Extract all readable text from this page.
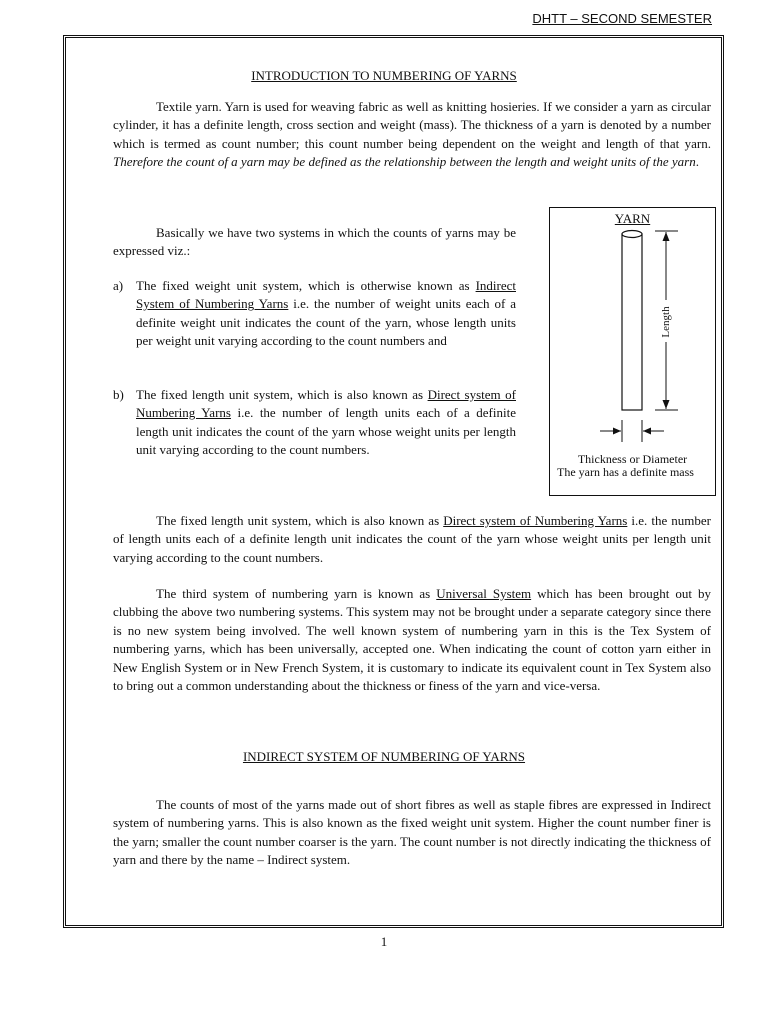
DHTT – SECOND SEMESTER
INTRODUCTION TO NUMBERING OF YARNS

Textile yarn. Yarn is used for weaving fabric as well as knitting hosieries. If we consider a yarn as circular cylinder, it has a definite length, cross section and weight (mass). The thickness of a yarn is denoted by a number which is termed as count number; this count number being dependent on the weight and length of that yarn. Therefore the count of a yarn may be defined as the relationship between the length and weight units of the yarn.

Basically we have two systems in which the counts of yarns may be expressed viz.:

a) The fixed weight unit system, which is otherwise known as Indirect System of Numbering Yarns i.e. the number of weight units each of a definite weight unit indicates the count of the yarn, whose length units per weight unit varying according to the count numbers and
b) The fixed length unit system, which is also known as Direct system of Numbering Yarns i.e. the number of length units each of a definite length unit indicates the count of the yarn whose weight units per length unit varying according to the count numbers.
YARN
Length
Thickness or Diameter
The yarn has a definite mass

The fixed length unit system, which is also known as Direct system of Numbering Yarns i.e. the number of length units each of a definite length unit indicates the count of the yarn whose weight units per length unit varying according to the count numbers.

The third system of numbering yarn is known as Universal System which has been brought out by clubbing the above two numbering systems. This system may not be brought under a separate category since there is no new system being involved. The well known system of numbering yarn in this is the Tex System of numbering yarns, which has been universally, accepted one. When indicating the count of cotton yarn either in New English System or in New French System, it is customary to indicate its equivalent count in Tex System also to bring out a common understanding about the thickness or finess of the yarn and vice-versa.

INDIRECT SYSTEM OF NUMBERING OF YARNS

The counts of most of the yarns made out of short fibres as well as staple fibres are expressed in Indirect system of numbering yarns. This is also known as the fixed weight unit system. Higher the count number finer is the yarn; smaller the count number coarser is the yarn. The count number is not directly indicating the thickness of yarn and there by the name – Indirect system.

1
